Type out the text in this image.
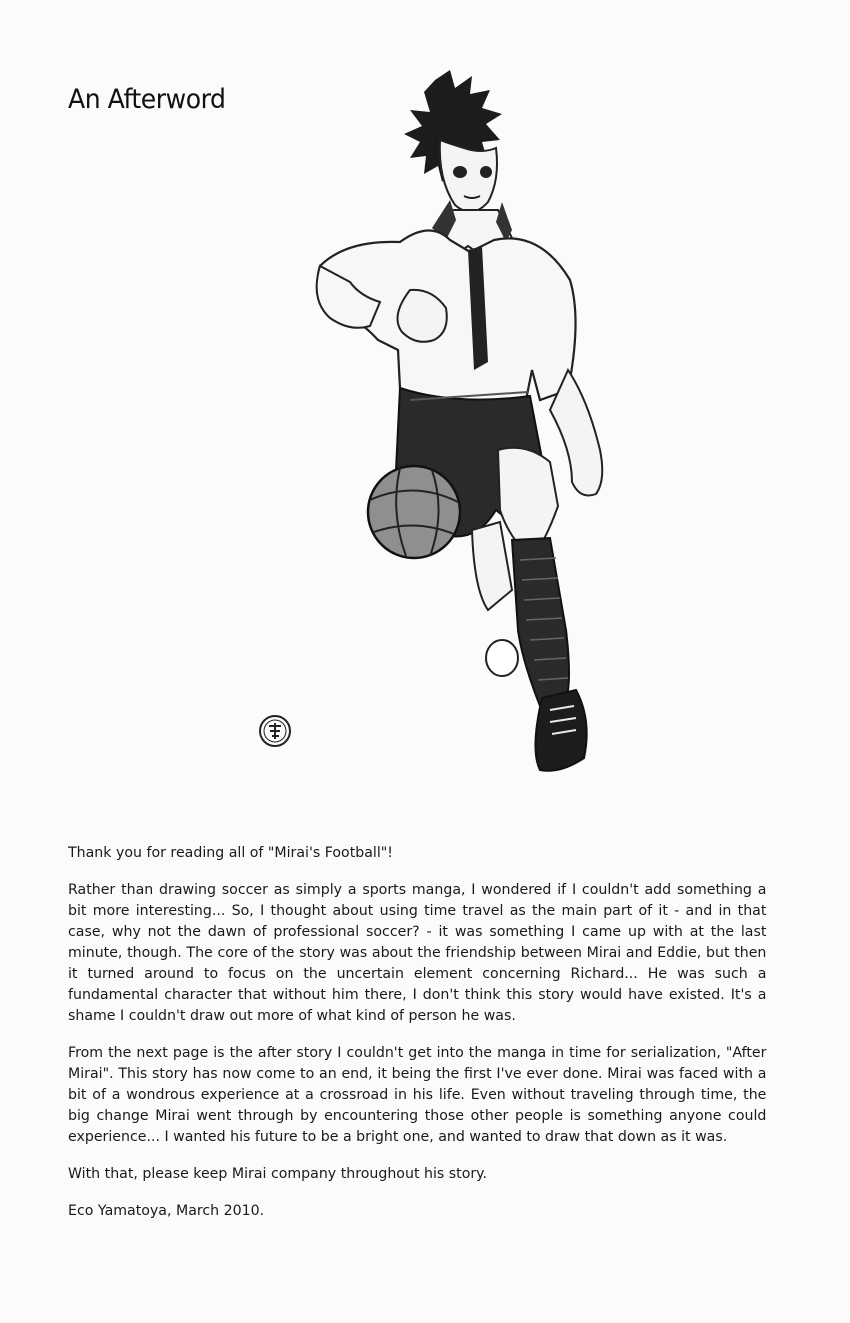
An Afterword

Thank you for reading all of "Mirai's Football"!

Rather than drawing soccer as simply a sports manga, I wondered if I couldn't add something a bit more interesting... So, I thought about using time travel as the main part of it - and in that case, why not the dawn of professional soccer? - it was something I came up with at the last minute, though. The core of the story was about the friendship between Mirai and Eddie, but then it turned around to focus on the uncertain element concerning Richard... He was such a fundamental character that without him there, I don't think this story would have existed. It's a shame I couldn't draw out more of what kind of person he was.

From the next page is the after story I couldn't get into the manga in time for serialization, "After Mirai". This story has now come to an end, it being the first I've ever done. Mirai was faced with a bit of a wondrous experience at a crossroad in his life. Even without traveling through time, the big change Mirai went through by encountering those other people is something anyone could experience... I wanted his future to be a bright one, and wanted to draw that down as it was.

With that, please keep Mirai company throughout his story.

Eco Yamatoya, March 2010.
